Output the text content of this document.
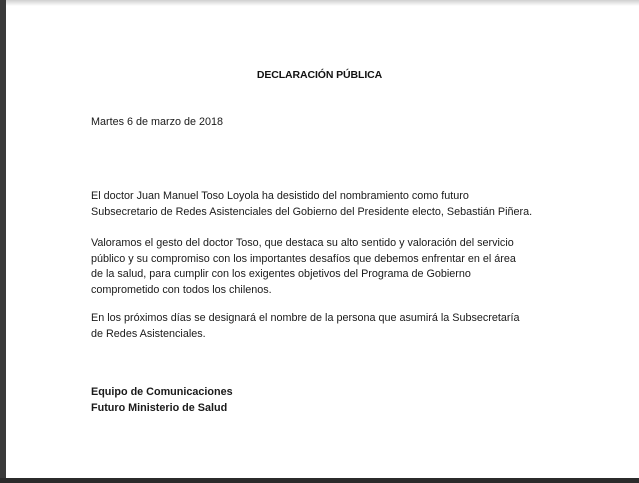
DECLARACIÓN PÚBLICA
Martes 6 de marzo de 2018
El doctor Juan Manuel Toso Loyola ha desistido del nombramiento como futuro
Subsecretario de Redes Asistenciales del Gobierno del Presidente electo, Sebastián Piñera.
Valoramos el gesto del doctor Toso, que destaca su alto sentido y valoración del servicio
público y su compromiso con los importantes desafíos que debemos enfrentar en el área
de la salud, para cumplir con los exigentes objetivos del Programa de Gobierno
comprometido con todos los chilenos.
En los próximos días se designará el nombre de la persona que asumirá la Subsecretaría
de Redes Asistenciales.
Equipo de Comunicaciones
Futuro Ministerio de Salud
